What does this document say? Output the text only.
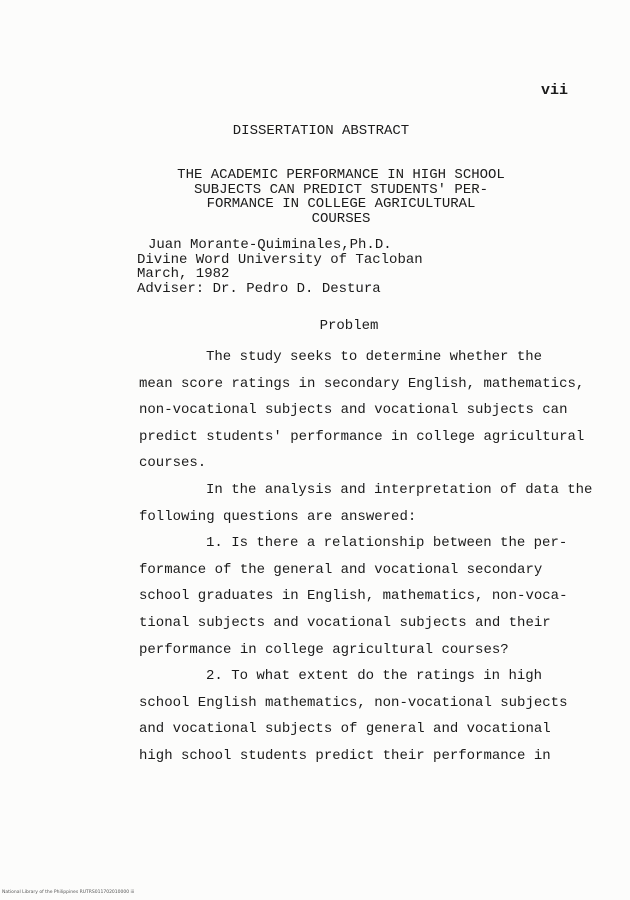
vii
DISSERTATION ABSTRACT
THE ACADEMIC PERFORMANCE IN HIGH SCHOOL
SUBJECTS CAN PREDICT STUDENTS' PER-
FORMANCE IN COLLEGE AGRICULTURAL
COURSES
Juan Morante-Quiminales,Ph.D.
Divine Word University of Tacloban
March, 1982
Adviser: Dr. Pedro D. Destura
Problem
The study seeks to determine whether the
mean score ratings in secondary English, mathematics,
non-vocational subjects and vocational subjects can
predict students' performance in college agricultural
courses.
In the analysis and interpretation of data the
following questions are answered:
1. Is there a relationship between the per-
formance of the general and vocational secondary
school graduates in English, mathematics, non-voca-
tional subjects and vocational subjects and their
performance in college agricultural courses?
2. To what extent do the ratings in high
school English mathematics, non-vocational subjects
and vocational subjects of general and vocational
high school students predict their performance in
National Library of the Philippines RUTRS011702010000 iii
